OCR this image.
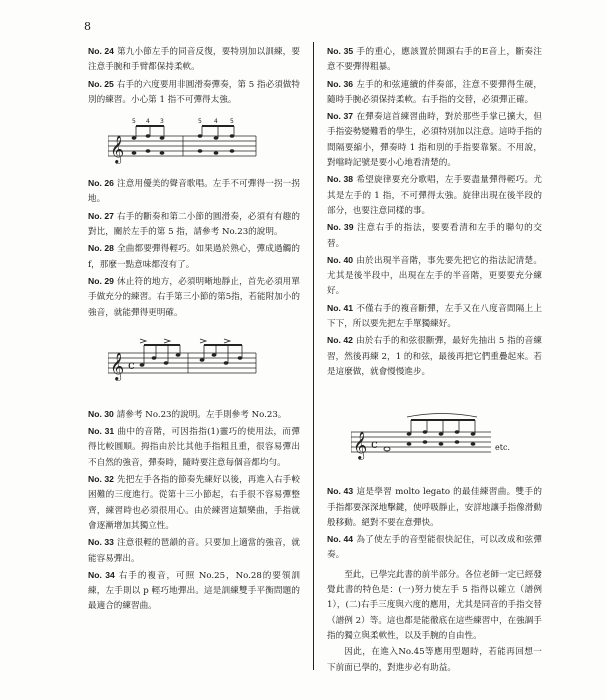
8

No. 24 第九小節左手的同音反復，要特別加以訓練，要注意手腕和手臂都保持柔軟。

No. 25 右手的六度要用非圓滑奏彈奏，第 5 指必須做特別的練習。小心第 1 指不可彈得太強。

𝄞
5 4 3	5 4 5

No. 26 注意用優美的聲音歌唱。左手不可彈得一拐一拐地。

No. 27 右手的斷奏和第二小節的圓滑奏，必須有有趣的對比，關於左手的第 5 指，請參考 No.23的說明。

No. 28 全曲都要彈得輕巧。如果過於熟心，彈成過觸的 f，那麼一點意味都沒有了。

No. 29 休止符的地方，必須明晰地靜止，首先必須用單手做充分的練習。右手第三小節的第5指，若能附加小的強音，就能彈得更明確。

𝄞 c

No. 30 請參考 No.23的說明。左手則參考 No.23。

No. 31 曲中的音階，可因指指(1)靈巧的使用法，而彈得比較圓順。拇指由於比其他手指粗且重，很容易彈出不自然的強音，彈奏時，隨時要注意每個音都均勻。

No. 32 先把左手各指的節奏先練好以後，再進入右手較困難的三度進行。從第十三小節起，右手很不容易彈整齊，練習時也必須很用心。由於練習這類樂曲，手指就會逐漸增加其獨立性。

No. 33 注意很輕的琶韻的音。只要加上適當的強音，就能容易彈出。

No. 34 右手的複音，可照 No.25，No.28的要領訓練，左手則以 p 輕巧地彈出。這是訓練雙手平衡問題的最適合的練習曲。

No. 35 手的重心，應該置於開頭右手的E音上，斷奏注意不要彈得粗暴。

No. 36 左手的和弦連續的伴奏部，注意不要彈得生硬，隨時手腕必須保持柔軟。右手指的交替，必須彈正確。

No. 37 在彈奏這首練習曲時，對於那些手掌已擴大，但手指姿勢變難看的學生，必須特別加以注意。這時手指的間隔要縮小，彈奏時 1 指和別的手指要靠緊。不用說，對噹時記號是要小心地看清楚的。

No. 38 希望旋律要充分歌唱，左手要盡量彈得輕巧。尤其是左手的 1 指，不可彈得太強。旋律出現在後半段的部分，也要注意同樣的事。

No. 39 注意右手的指法，要要看清和左手的聯句的交替。

No. 40 由於出現半音階，事先要先把它的指法記清楚。尤其是後半段中，出現在左手的半音階，更要要充分練好。

No. 41 不僅右手的複音斷彈，左手又在八度音間隔上上下下，所以要先把左手單獨練好。

No. 42 由於右手的和弦很斷彈，最好先抽出 5 指的音練習，然後再練 2，1 的和弦，最後再把它們重疊起來。若是這麼做，就會慢慢進步。

𝄞 c	etc.

No. 43 這是學習 molto legato 的最佳練習曲。雙手的手指都要深深地擊鍵，使呼吸靜止，安詳地讓手指像滑動般移動。絕對不要在意彈快。

No. 44 為了使左手的音型能很快記住，可以改成和弦彈奏。

至此，已學完此書的前半部分。各位老師一定已經發覺此書的特色是：(一)努力使左手 5 指得以確立（譜例 1），(二)右手三度與六度的應用，尤其是同音的手指交替（譜例 2）等。這也都是能徹底在這些練習中，在強調手指的獨立與柔軟性，以及手腕的自由性。

因此，在進入No.45等應用型題時，若能再回想一下前面已學的，對進步必有助益。
